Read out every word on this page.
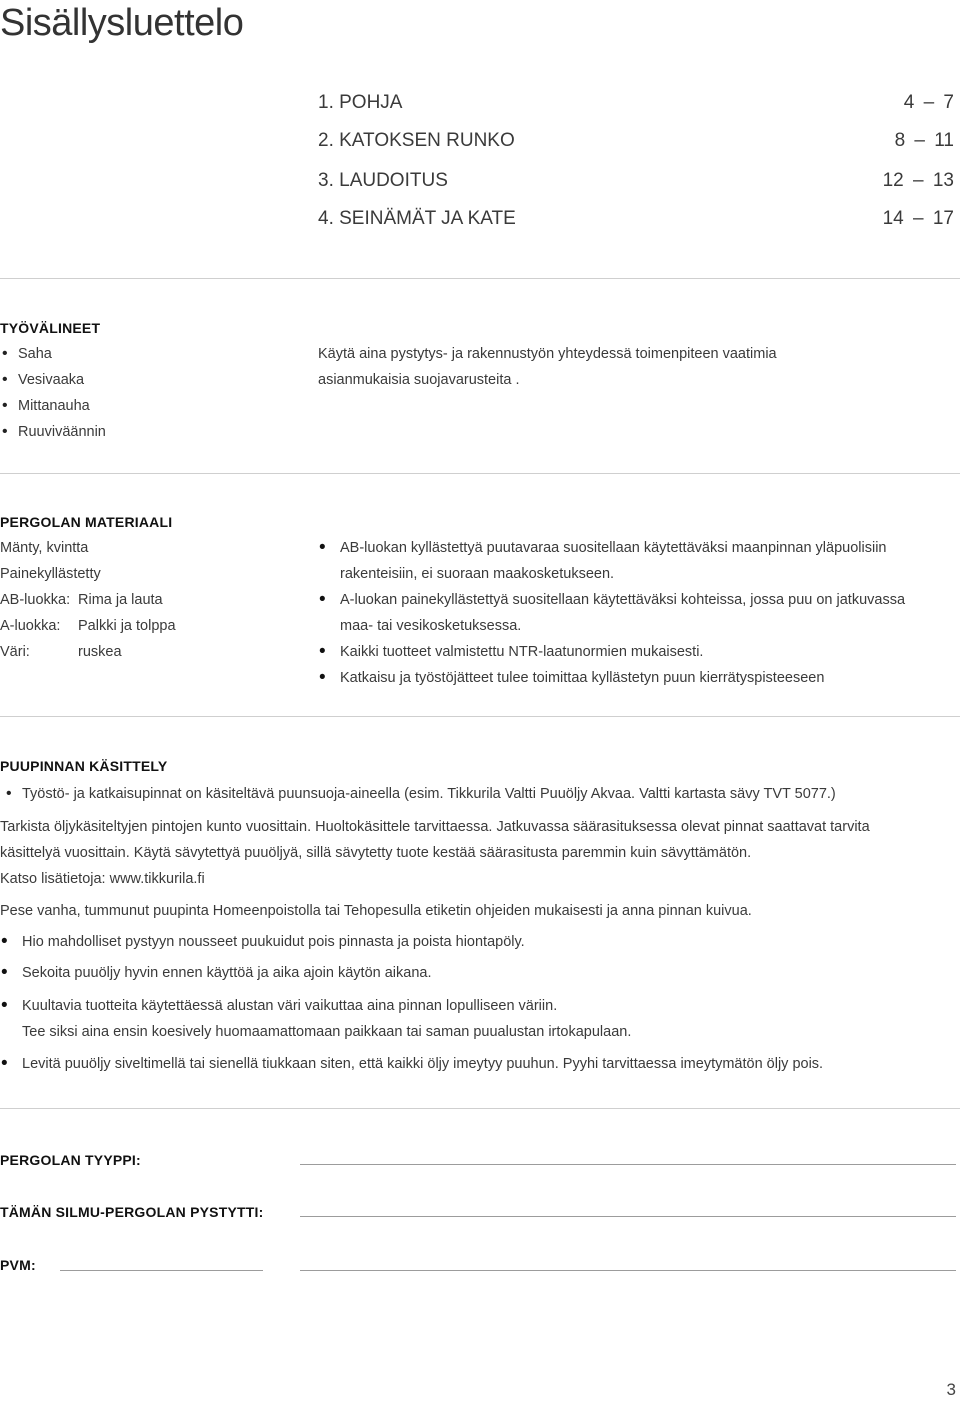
Sisällysluettelo
1. POHJA	4 – 7
2. KATOKSEN RUNKO	8 – 11
3. LAUDOITUS	12 – 13
4. SEINÄMÄT JA KATE	14 – 17
TYÖVÄLINEET
• Saha
• Vesivaaka
• Mittanauha
• Ruuviväännin
Käytä aina pystytys- ja rakennustyön yhteydessä toimenpiteen vaatimia
asianmukaisia suojavarusteita .
PERGOLAN MATERIAALI
Mänty, kvintta
Painekyllästetty
AB-luokka: Rima ja lauta
A-luokka: Palkki ja tolppa
Väri:	ruskea
• AB-luokan kyllästettyä puutavaraa suositellaan käytettäväksi maanpinnan yläpuolisiin
rakenteisiin, ei suoraan maakosketukseen.
• A-luokan painekyllästettyä suositellaan käytettäväksi kohteissa, jossa puu on jatkuvassa
maa- tai vesikosketuksessa.
• Kaikki tuotteet valmistettu NTR-laatunormien mukaisesti.
• Katkaisu ja työstöjätteet tulee toimittaa kyllästetyn puun kierrätyspisteeseen
PUUPINNAN KÄSITTELY
• Työstö- ja katkaisupinnat on käsiteltävä puunsuoja-aineella (esim. Tikkurila Valtti Puuöljy Akvaa. Valtti kartasta sävy TVT 5077.)
Tarkista öljykäsiteltyjen pintojen kunto vuosittain. Huoltokäsittele tarvittaessa. Jatkuvassa säärasituksessa olevat pinnat saattavat tarvita
käsittelyä vuosittain. Käytä sävytettyä puuöljyä, sillä sävytetty tuote kestää säärasitusta paremmin kuin sävyttämätön.
Katso lisätietoja: www.tikkurila.fi
Pese vanha, tummunut puupinta Homeenpoistolla tai Tehopesulla etiketin ohjeiden mukaisesti ja anna pinnan kuivua.
• Hio mahdolliset pystyyn nousseet puukuidut pois pinnasta ja poista hiontapöly.
• Sekoita puuöljy hyvin ennen käyttöä ja aika ajoin käytön aikana.
• Kuultavia tuotteita käytettäessä alustan väri vaikuttaa aina pinnan lopulliseen väriin.
Tee siksi aina ensin koesively huomaamattomaan paikkaan tai saman puualustan irtokapulaan.
• Levitä puuöljy siveltimellä tai sienellä tiukkaan siten, että kaikki öljy imeytyy puuhun. Pyyhi tarvittaessa imeytymätön öljy pois.
PERGOLAN TYYPPI:
TÄMÄN SILMU-PERGOLAN PYSTYTTI:
PVM:
3
